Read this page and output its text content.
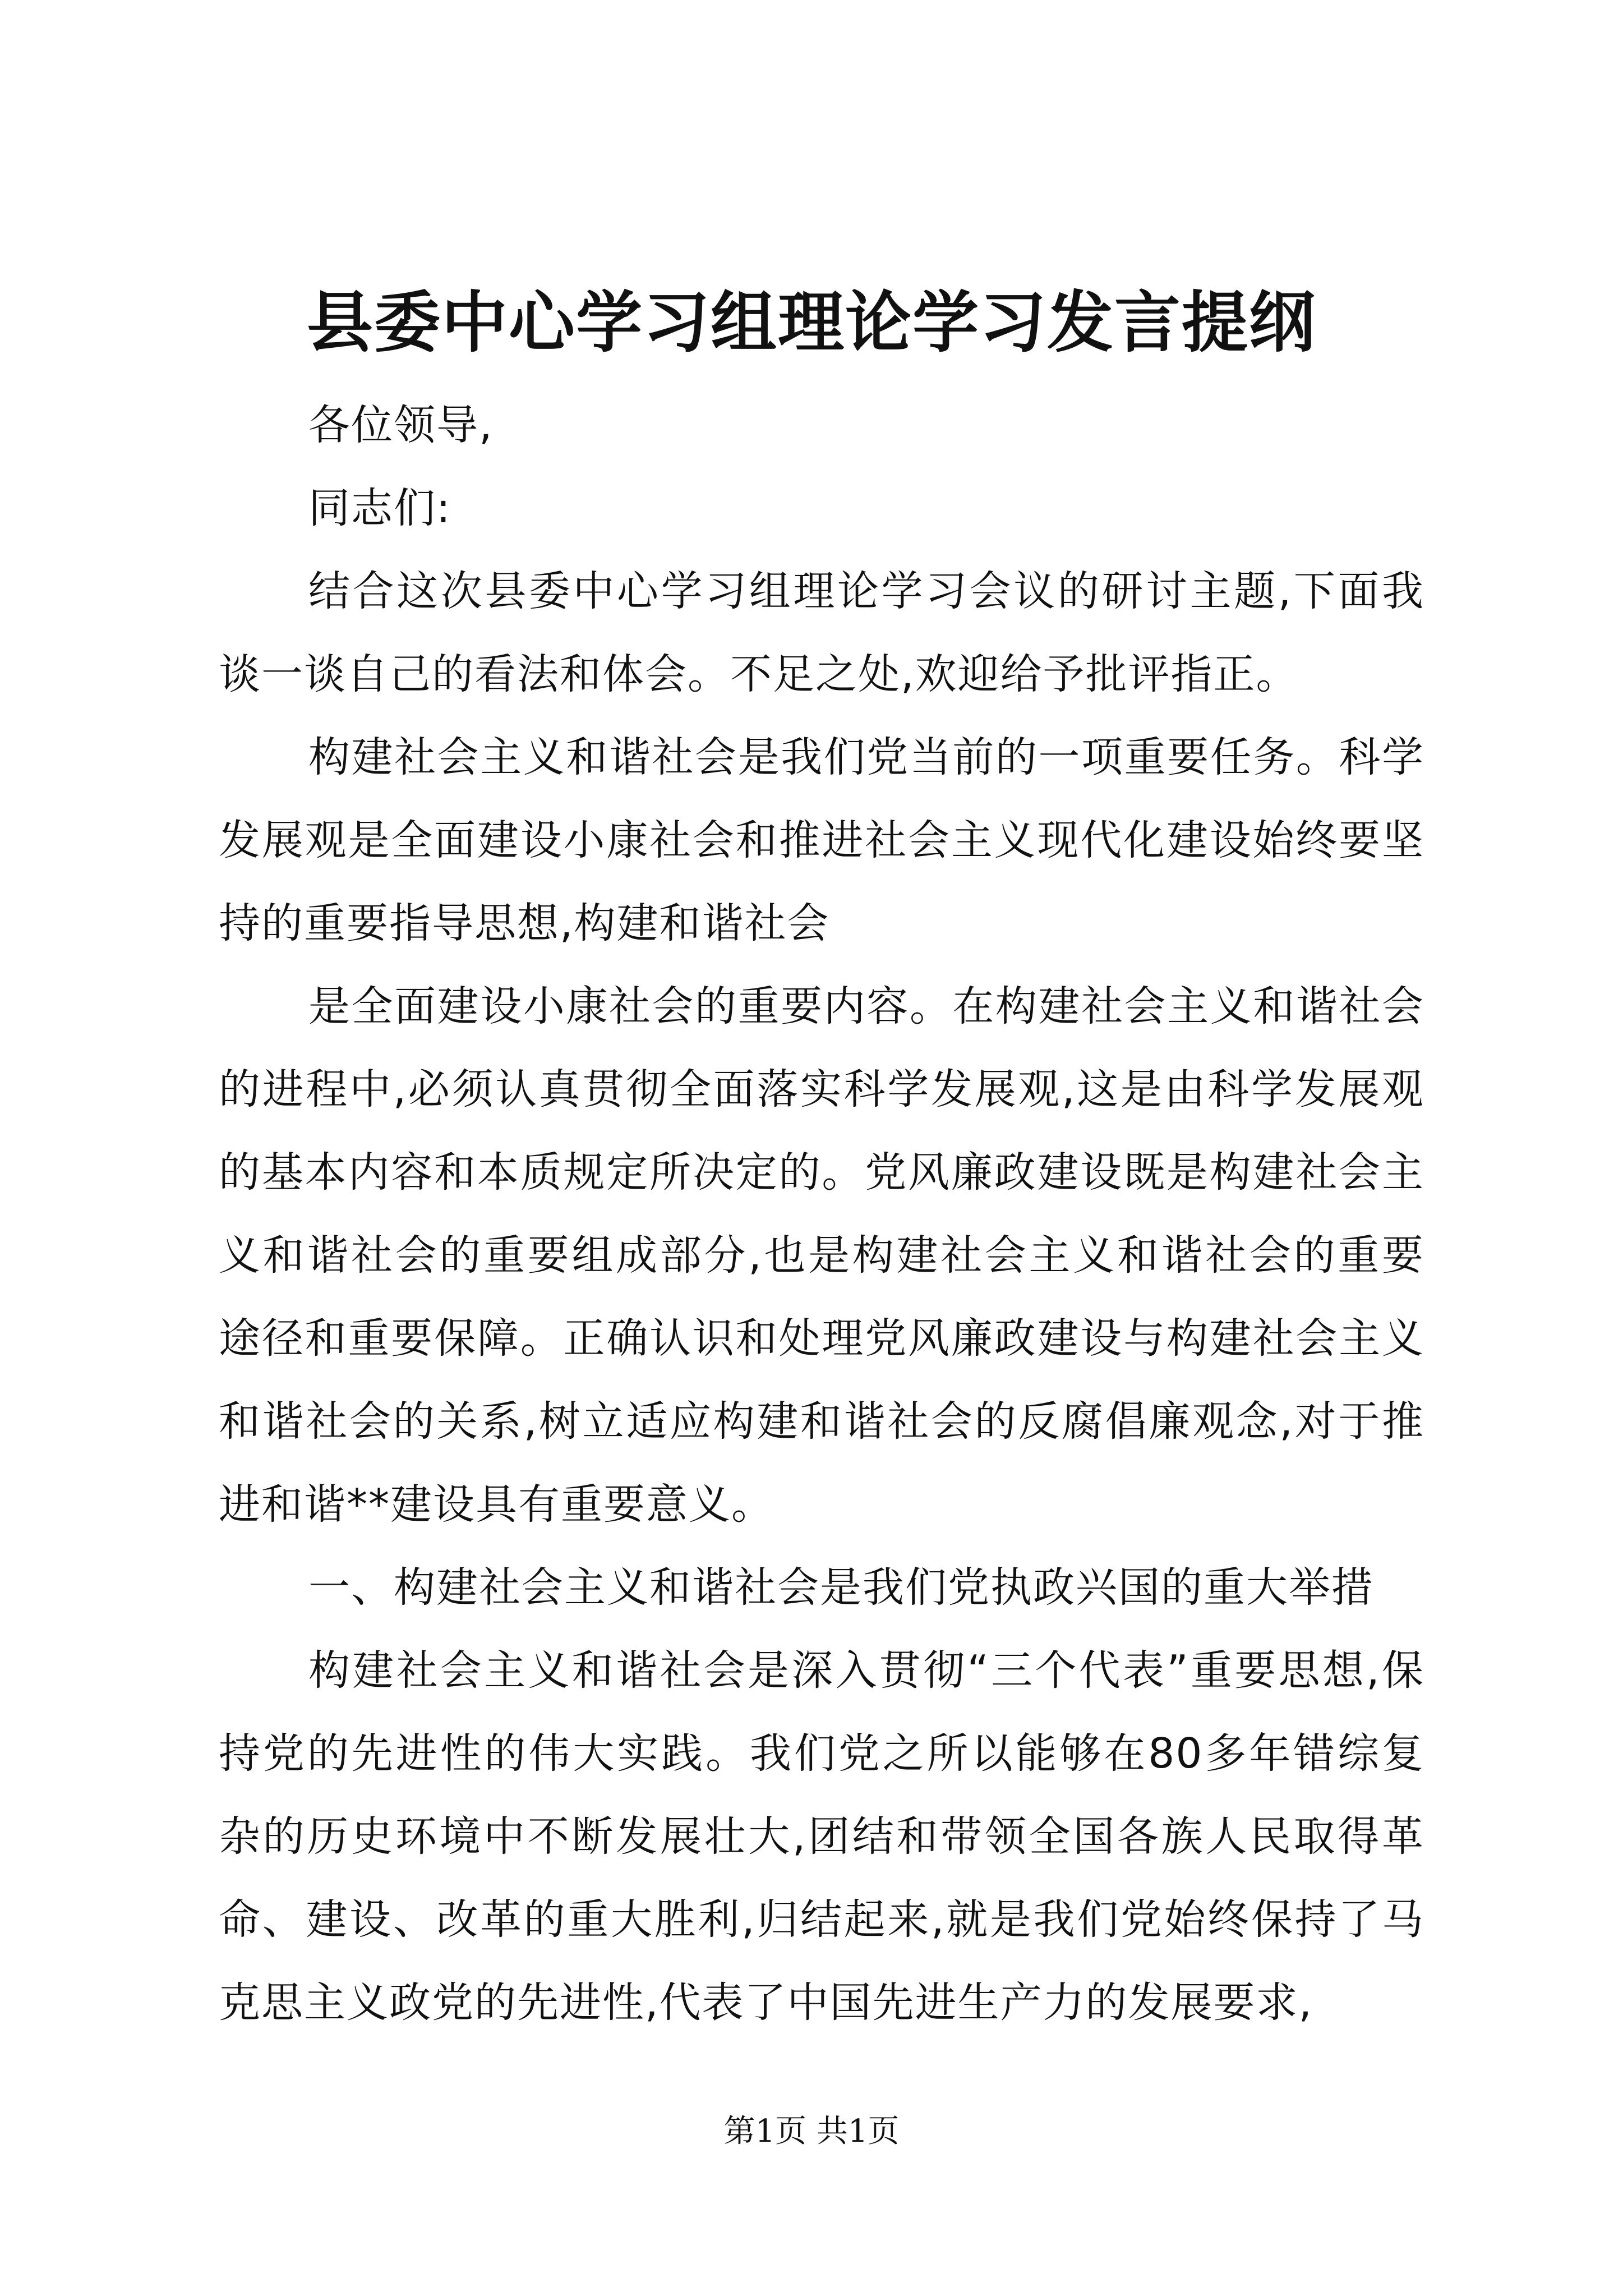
县委中心学习组理论学习发言提纲

各位领导,

同志们:

结合这次县委中心学习组理论学习会议的研讨主题,下面我谈一谈自己的看法和体会。不足之处,欢迎给予批评指正。

构建社会主义和谐社会是我们党当前的一项重要任务。科学发展观是全面建设小康社会和推进社会主义现代化建设始终要坚持的重要指导思想,构建和谐社会

是全面建设小康社会的重要内容。在构建社会主义和谐社会的进程中,必须认真贯彻全面落实科学发展观,这是由科学发展观的基本内容和本质规定所决定的。党风廉政建设既是构建社会主义和谐社会的重要组成部分,也是构建社会主义和谐社会的重要途径和重要保障。正确认识和处理党风廉政建设与构建社会主义和谐社会的关系,树立适应构建和谐社会的反腐倡廉观念,对于推进和谐**建设具有重要意义。

一、构建社会主义和谐社会是我们党执政兴国的重大举措

构建社会主义和谐社会是深入贯彻“三个代表”重要思想,保持党的先进性的伟大实践。我们党之所以能够在80多年错综复杂的历史环境中不断发展壮大,团结和带领全国各族人民取得革命、建设、改革的重大胜利,归结起来,就是我们党始终保持了马克思主义政党的先进性,代表了中国先进生产力的发展要求,

第1页 共1页
